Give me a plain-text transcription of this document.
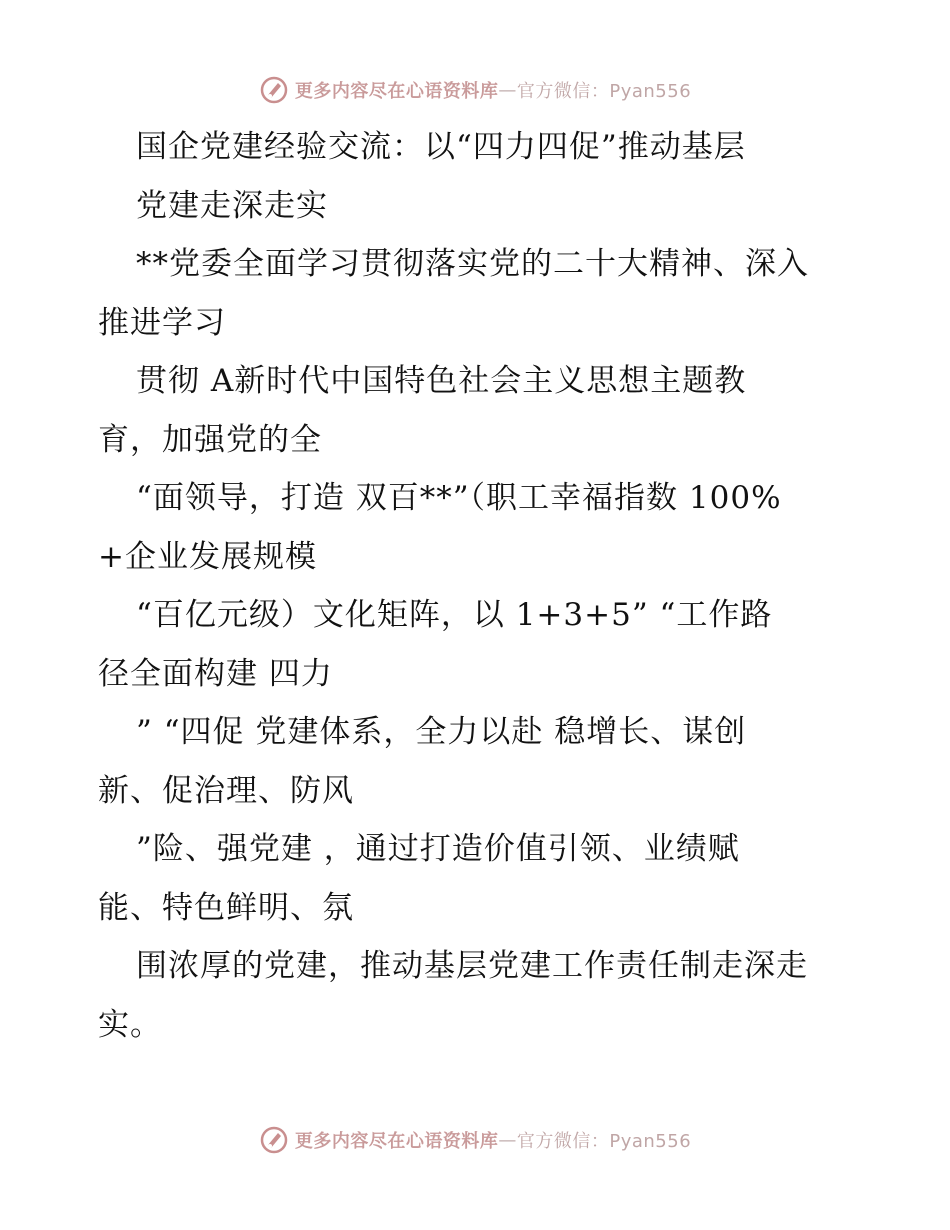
更多内容尽在心语资料库 — 官方微信：Pyan556
国企党建经验交流：以“四力四促”推动基层
党建走深走实
**党委全面学习贯彻落实党的二十大精神、深入
推进学习
贯彻 A新时代中国特色社会主义思想主题教
育，加强党的全
“面领导，打造 双百**”（职工幸福指数 100%
+企业发展规模
“百亿元级）文化矩阵，以 1+3+5” “工作路
径全面构建 四力
” “四促 党建体系，全力以赴 稳增长、谋创
新、促治理、防风
”险、强党建 ，通过打造价值引领、业绩赋
能、特色鲜明、氛
围浓厚的党建，推动基层党建工作责任制走深走
实。
更多内容尽在心语资料库 — 官方微信：Pyan556
